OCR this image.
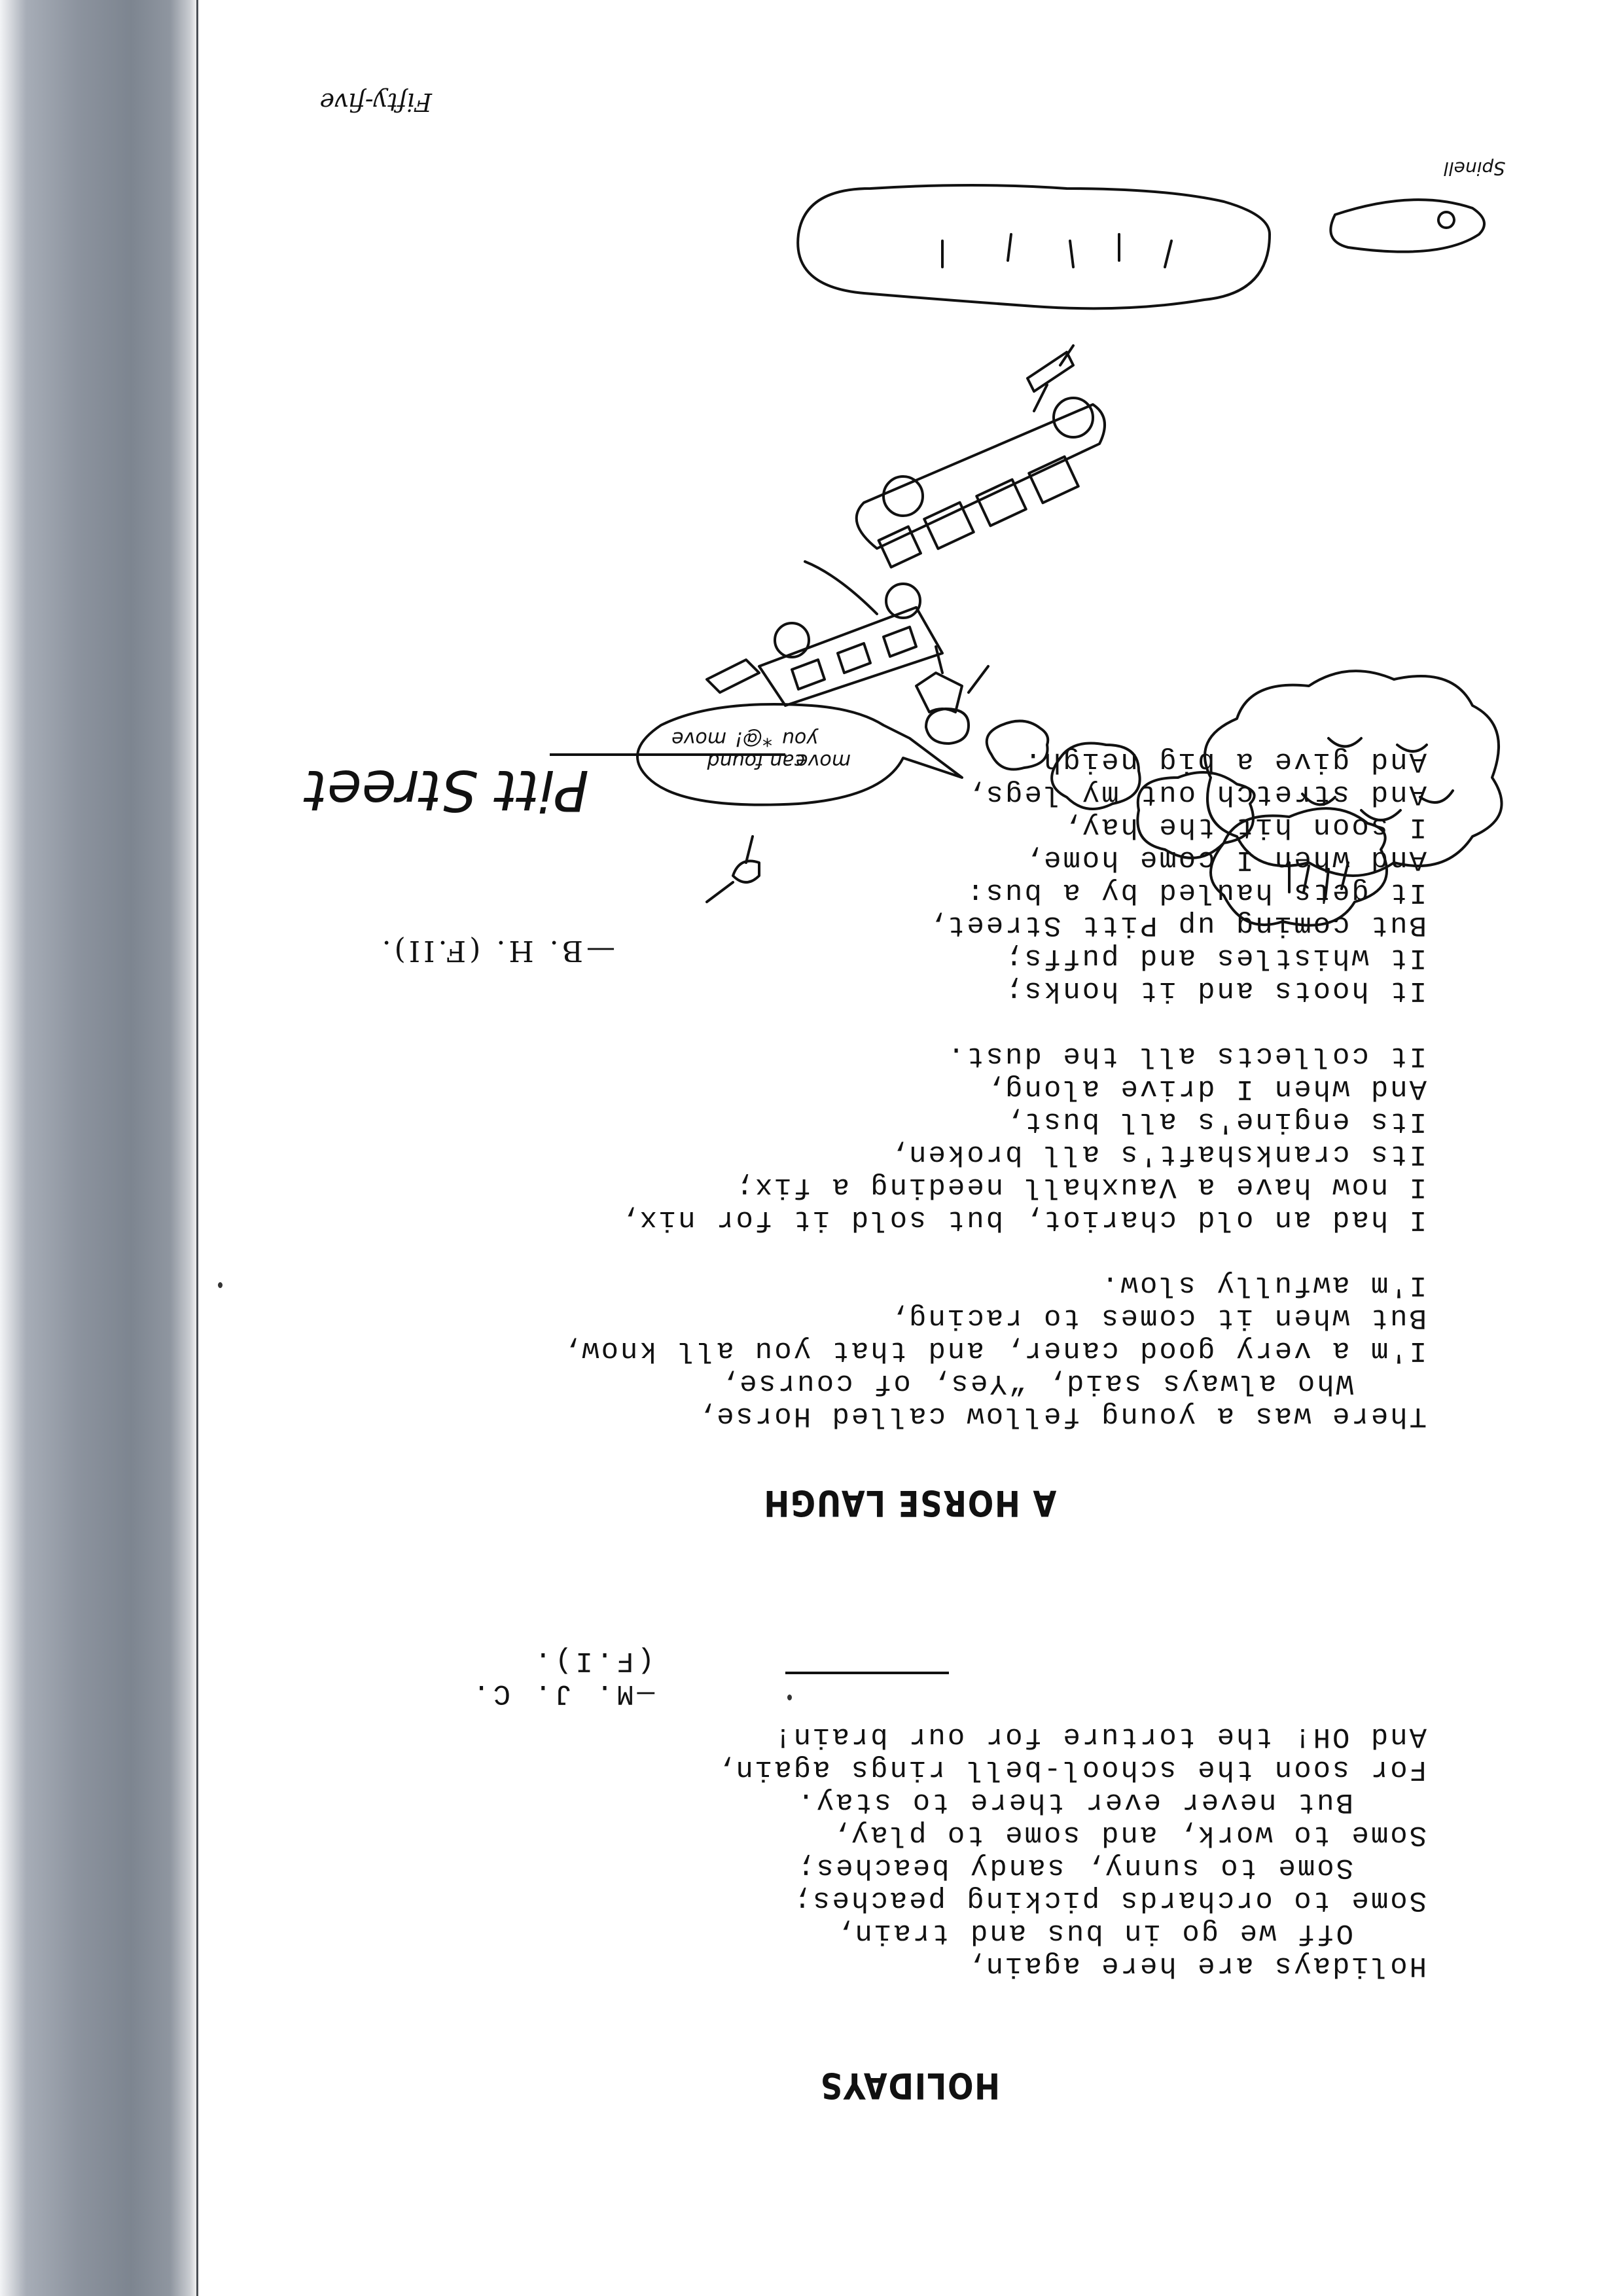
Fifty-five
Pitt Street	move can found you *@! move
Spinell
—B. H. (F.II).
There was a young fellow called Horse,
Who always said, “Yes, of course,
I'm a very good caner, and that you all know,
But when it comes to racing,
I'm awfully slow.
I had an old chariot, but sold it for nix,
I now have a Vauxhall needing a fix;
Its crankshaft's all broken,
Its engine's all bust,
And when I drive along,
It collects all the dust.
It hoots and it honks;
It whistles and puffs;
But coming up Pitt Street,
It gets hauled by a bus:
And when I come home,
I soon hit the hay,
And stretch out my legs,
And give a big neigh.
A HORSE LAUGH
Holidays are here again,
Off we go in bus and train,
Some to orchards picking peaches;
Some to sunny, sandy beaches;
Some to work, and some to play,
But never ever there to stay.
For soon the school-bell rings again,
And OH! the torture for our brain!
—M. J. C. (F.I).
HOLIDAYS
